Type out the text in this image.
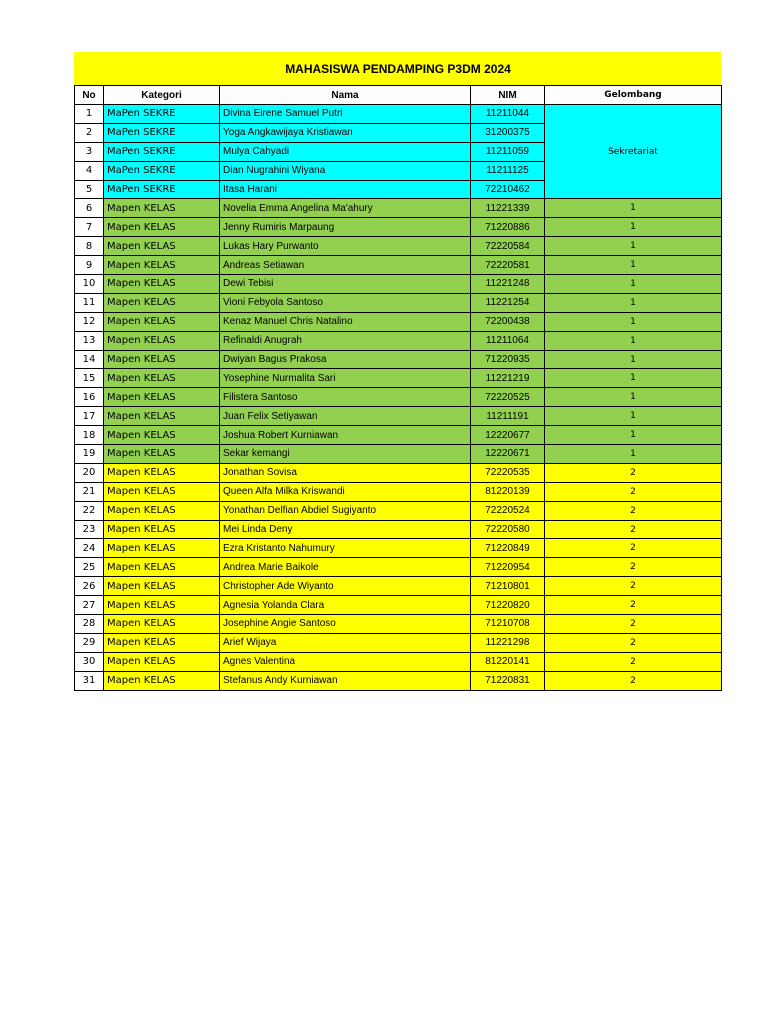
MAHASISWA PENDAMPING P3DM 2024
No	Kategori	Nama	NIM	Gelombang
1	MaPen SEKRE	Divina Eirene Samuel Putri	11211044	Sekretariat
2	MaPen SEKRE	Yoga Angkawijaya Kristiawan	31200375	
3	MaPen SEKRE	Mulya Cahyadi	11211059	
4	MaPen SEKRE	Dian Nugrahini Wiyana	11211125	
5	MaPen SEKRE	Itasa Harani	72210462	
6	Mapen KELAS	Novelia Emma Angelina Ma'ahury	11221339	1
7	Mapen KELAS	Jenny Rumiris Marpaung	71220886	1
8	Mapen KELAS	Lukas Hary Purwanto	72220584	1
9	Mapen KELAS	Andreas Setiawan	72220581	1
10	Mapen KELAS	Dewi Tebisi	11221248	1
11	Mapen KELAS	Vioni Febyola Santoso	11221254	1
12	Mapen KELAS	Kenaz Manuel Chris Natalino	72200438	1
13	Mapen KELAS	Refinaldi Anugrah	11211064	1
14	Mapen KELAS	Dwiyan Bagus Prakosa	71220935	1
15	Mapen KELAS	Yosephine Nurmalita Sari	11221219	1
16	Mapen KELAS	Filistera Santoso	72220525	1
17	Mapen KELAS	Juan Felix Setiyawan	11211191	1
18	Mapen KELAS	Joshua Robert Kurniawan	12220677	1
19	Mapen KELAS	Sekar kemangi	12220671	1
20	Mapen KELAS	Jonathan Sovisa	72220535	2
21	Mapen KELAS	Queen Alfa Milka Kriswandi	81220139	2
22	Mapen KELAS	Yonathan Delfian Abdiel Sugiyanto	72220524	2
23	Mapen KELAS	Mei Linda Deny	72220580	2
24	Mapen KELAS	Ezra Kristanto Nahumury	71220849	2
25	Mapen KELAS	Andrea Marie Baikole	71220954	2
26	Mapen KELAS	Christopher Ade Wiyanto	71210801	2
27	Mapen KELAS	Agnesia Yolanda Clara	71220820	2
28	Mapen KELAS	Josephine Angie Santoso	71210708	2
29	Mapen KELAS	Arief Wijaya	11221298	2
30	Mapen KELAS	Agnes Valentina	81220141	2
31	Mapen KELAS	Stefanus Andy Kurniawan	71220831	2
